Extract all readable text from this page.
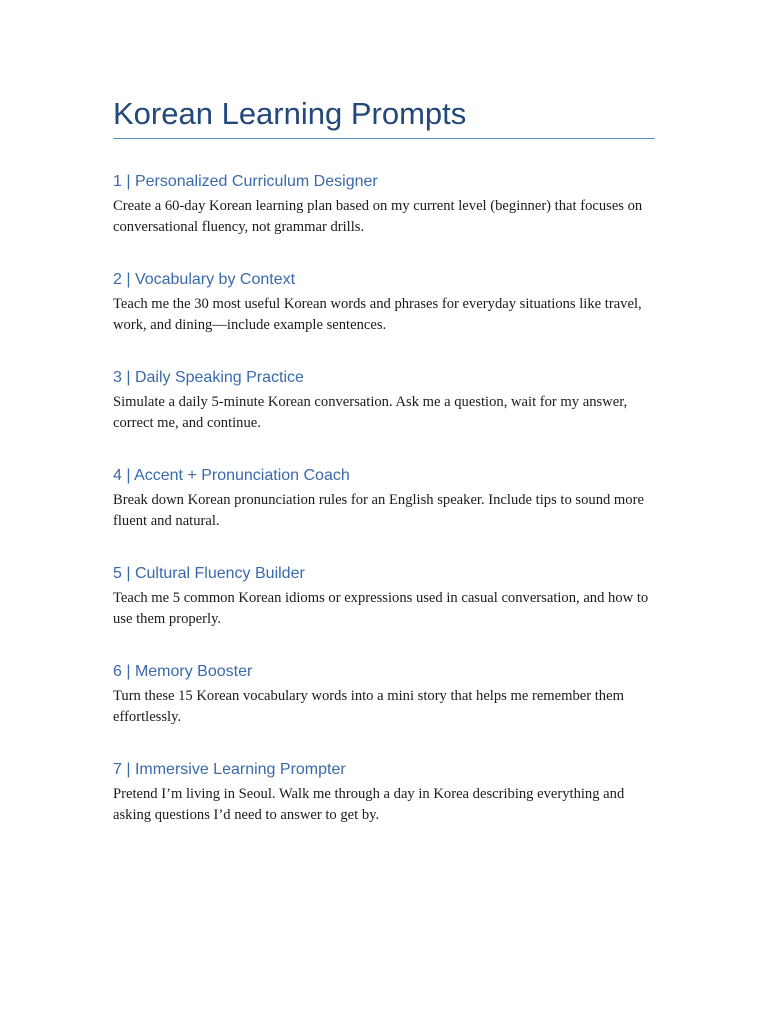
Korean Learning Prompts
1 | Personalized Curriculum Designer

Create a 60-day Korean learning plan based on my current level (beginner) that focuses on conversational fluency, not grammar drills.

2 | Vocabulary by Context

Teach me the 30 most useful Korean words and phrases for everyday situations like travel, work, and dining—include example sentences.

3 | Daily Speaking Practice

Simulate a daily 5-minute Korean conversation. Ask me a question, wait for my answer, correct me, and continue.

4 | Accent + Pronunciation Coach

Break down Korean pronunciation rules for an English speaker. Include tips to sound more fluent and natural.

5 | Cultural Fluency Builder

Teach me 5 common Korean idioms or expressions used in casual conversation, and how to use them properly.

6 | Memory Booster

Turn these 15 Korean vocabulary words into a mini story that helps me remember them effortlessly.

7 | Immersive Learning Prompter

Pretend I’m living in Seoul. Walk me through a day in Korea describing everything and asking questions I’d need to answer to get by.
